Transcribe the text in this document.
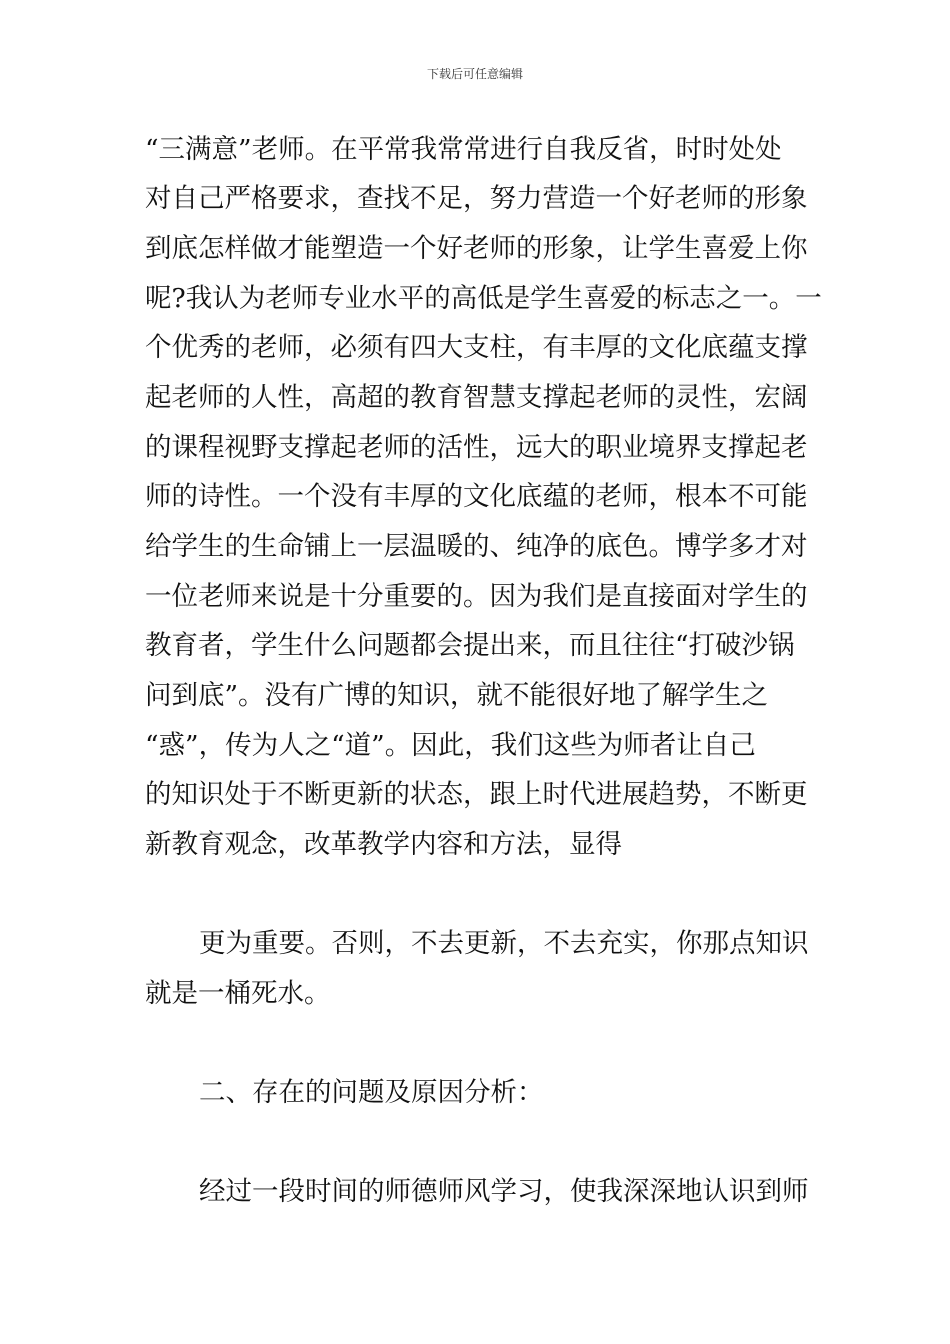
下载后可任意编辑
“三满意”老师。在平常我常常进行自我反省，时时处处
对自己严格要求，查找不足，努力营造一个好老师的形象
到底怎样做才能塑造一个好老师的形象，让学生喜爱上你
呢?我认为老师专业水平的高低是学生喜爱的标志之一。一
个优秀的老师，必须有四大支柱，有丰厚的文化底蕴支撑
起老师的人性，高超的教育智慧支撑起老师的灵性，宏阔
的课程视野支撑起老师的活性，远大的职业境界支撑起老
师的诗性。一个没有丰厚的文化底蕴的老师，根本不可能
给学生的生命铺上一层温暖的、纯净的底色。博学多才对
一位老师来说是十分重要的。因为我们是直接面对学生的
教育者，学生什么问题都会提出来，而且往往“打破沙锅
问到底”。没有广博的知识，就不能很好地了解学生之
“惑”，传为人之“道”。因此，我们这些为师者让自己
的知识处于不断更新的状态，跟上时代进展趋势，不断更
新教育观念，改革教学内容和方法，显得
更为重要。否则，不去更新，不去充实，你那点知识
就是一桶死水。
二、存在的问题及原因分析：
经过一段时间的师德师风学习，使我深深地认识到师
